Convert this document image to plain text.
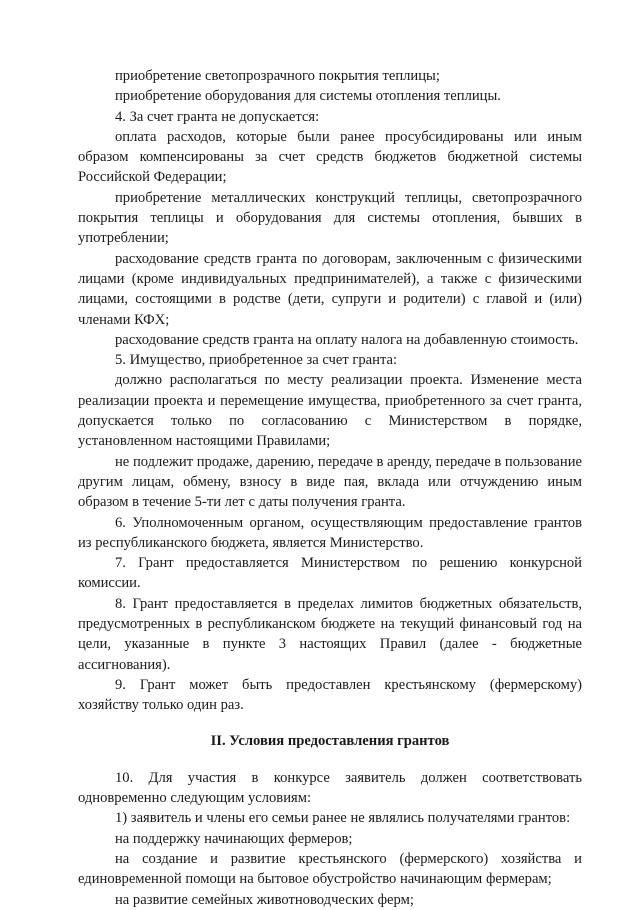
приобретение светопрозрачного покрытия теплицы;

приобретение оборудования для системы отопления теплицы.

4. За счет гранта не допускается:

оплата расходов, которые были ранее просубсидированы или иным образом компенсированы за счет средств бюджетов бюджетной системы Российской Федерации;

приобретение металлических конструкций теплицы, светопрозрачного покрытия теплицы и оборудования для системы отопления, бывших в употреблении;

расходование средств гранта по договорам, заключенным с физическими лицами (кроме индивидуальных предпринимателей), а также с физическими лицами, состоящими в родстве (дети, супруги и родители) с главой и (или) членами КФХ;

расходование средств гранта на оплату налога на добавленную стоимость.

5. Имущество, приобретенное за счет гранта:

должно располагаться по месту реализации проекта. Изменение места реализации проекта и перемещение имущества, приобретенного за счет гранта, допускается только по согласованию с Министерством в порядке, установленном настоящими Правилами;

не подлежит продаже, дарению, передаче в аренду, передаче в пользование другим лицам, обмену, взносу в виде пая, вклада или отчуждению иным образом в течение 5-ти лет с даты получения гранта.

6. Уполномоченным органом, осуществляющим предоставление грантов из республиканского бюджета, является Министерство.

7. Грант предоставляется Министерством по решению конкурсной комиссии.

8. Грант предоставляется в пределах лимитов бюджетных обязательств, предусмотренных в республиканском бюджете на текущий финансовый год на цели, указанные в пункте 3 настоящих Правил (далее - бюджетные ассигнования).

9. Грант может быть предоставлен крестьянскому (фермерскому) хозяйству только один раз.

II. Условия предоставления грантов

10. Для участия в конкурсе заявитель должен соответствовать одновременно следующим условиям:

1) заявитель и члены его семьи ранее не являлись получателями грантов:

на поддержку начинающих фермеров;

на создание и развитие крестьянского (фермерского) хозяйства и единовременной помощи на бытовое обустройство начинающим фермерам;

на развитие семейных животноводческих ферм;
